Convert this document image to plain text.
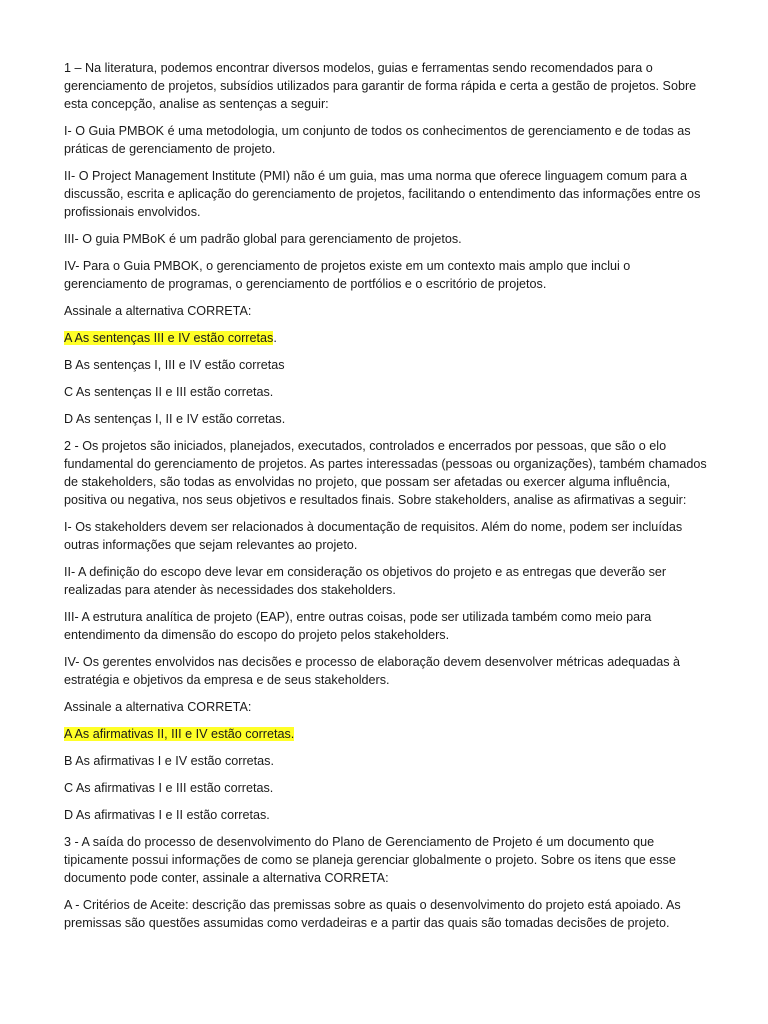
1 – Na literatura, podemos encontrar diversos modelos, guias e ferramentas sendo recomendados para o gerenciamento de projetos, subsídios utilizados para garantir de forma rápida e certa a gestão de projetos. Sobre esta concepção, analise as sentenças a seguir:

I- O Guia PMBOK é uma metodologia, um conjunto de todos os conhecimentos de gerenciamento e de todas as práticas de gerenciamento de projeto.

II- O Project Management Institute (PMI) não é um guia, mas uma norma que oferece linguagem comum para a discussão, escrita e aplicação do gerenciamento de projetos, facilitando o entendimento das informações entre os profissionais envolvidos.

III- O guia PMBoK é um padrão global para gerenciamento de projetos.

IV- Para o Guia PMBOK, o gerenciamento de projetos existe em um contexto mais amplo que inclui o gerenciamento de programas, o gerenciamento de portfólios e o escritório de projetos.

Assinale a alternativa CORRETA:

A As sentenças III e IV estão corretas.

B As sentenças I, III e IV estão corretas

C As sentenças II e III estão corretas.

D As sentenças I, II e IV estão corretas.

2 - Os projetos são iniciados, planejados, executados, controlados e encerrados por pessoas, que são o elo fundamental do gerenciamento de projetos. As partes interessadas (pessoas ou organizações), também chamados de stakeholders, são todas as envolvidas no projeto, que possam ser afetadas ou exercer alguma influência, positiva ou negativa, nos seus objetivos e resultados finais. Sobre stakeholders, analise as afirmativas a seguir:

I- Os stakeholders devem ser relacionados à documentação de requisitos. Além do nome, podem ser incluídas outras informações que sejam relevantes ao projeto.

II- A definição do escopo deve levar em consideração os objetivos do projeto e as entregas que deverão ser realizadas para atender às necessidades dos stakeholders.

III- A estrutura analítica de projeto (EAP), entre outras coisas, pode ser utilizada também como meio para entendimento da dimensão do escopo do projeto pelos stakeholders.

IV- Os gerentes envolvidos nas decisões e processo de elaboração devem desenvolver métricas adequadas à estratégia e objetivos da empresa e de seus stakeholders.

Assinale a alternativa CORRETA:

A As afirmativas II, III e IV estão corretas.

B As afirmativas I e IV estão corretas.

C As afirmativas I e III estão corretas.

D As afirmativas I e II estão corretas.

3 - A saída do processo de desenvolvimento do Plano de Gerenciamento de Projeto é um documento que tipicamente possui informações de como se planeja gerenciar globalmente o projeto. Sobre os itens que esse documento pode conter, assinale a alternativa CORRETA:

A - Critérios de Aceite: descrição das premissas sobre as quais o desenvolvimento do projeto está apoiado. As premissas são questões assumidas como verdadeiras e a partir das quais são tomadas decisões de projeto.
